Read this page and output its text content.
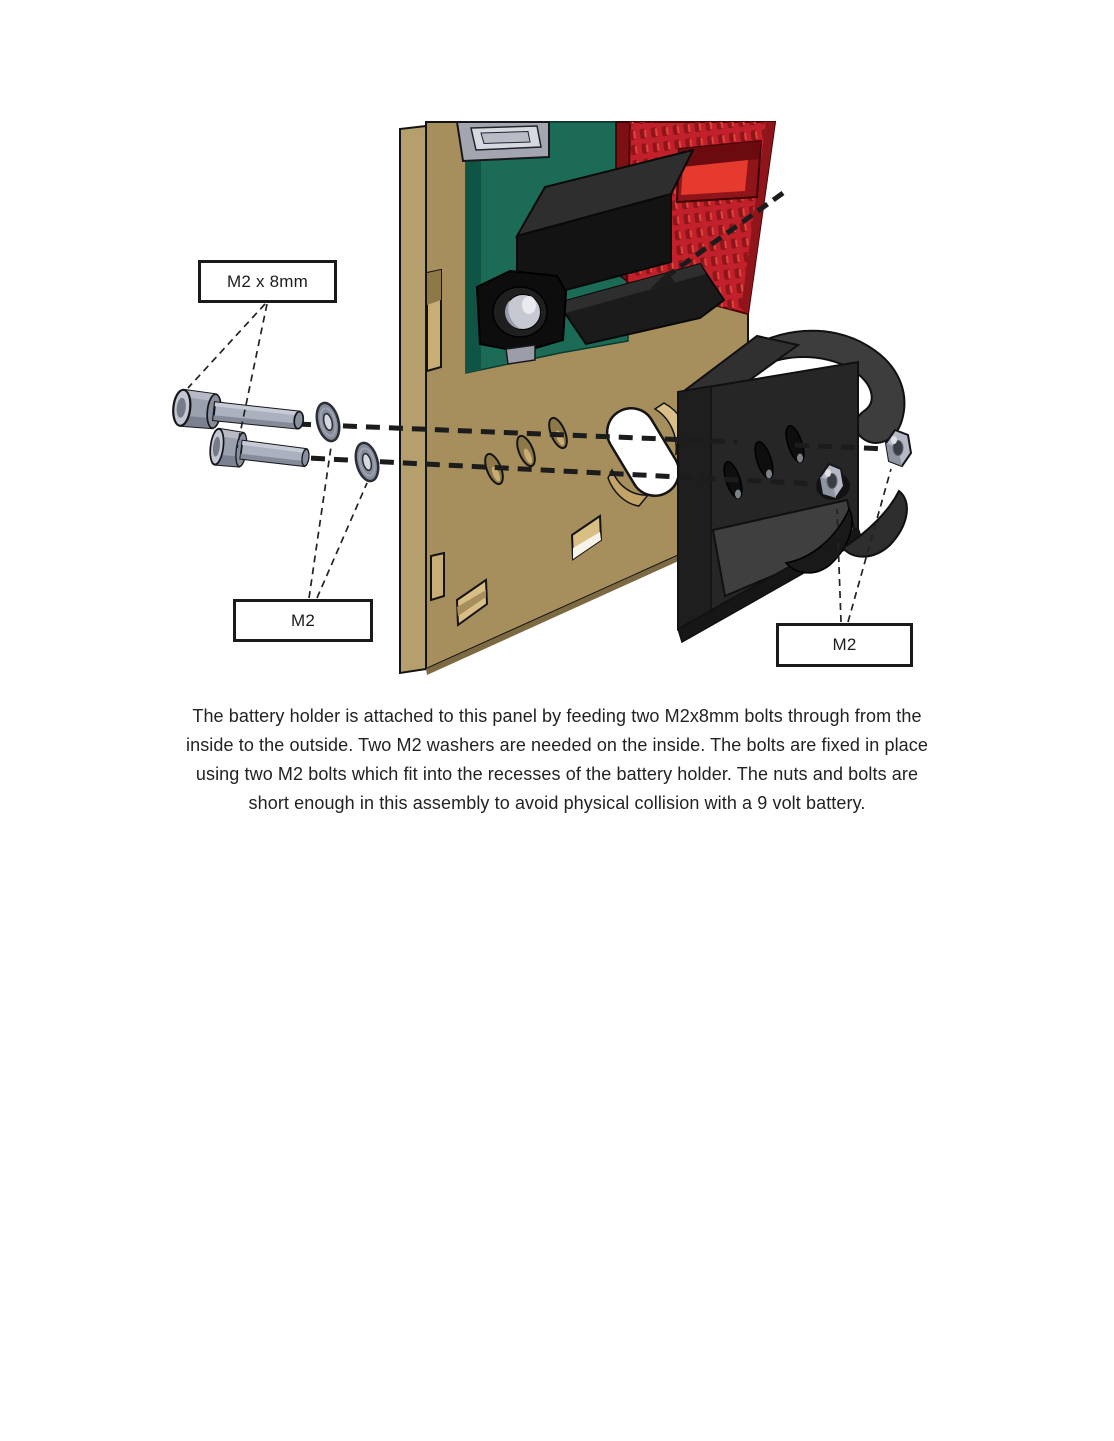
M2 x 8mm
M2
M2
The battery holder is attached to this panel by feeding two M2x8mm bolts through from the
inside to the outside. Two M2 washers are needed on the inside. The bolts are fixed in place
using two M2 bolts which fit into the recesses of the battery holder. The nuts and bolts are
short enough in this assembly to avoid physical collision with a 9 volt battery.
